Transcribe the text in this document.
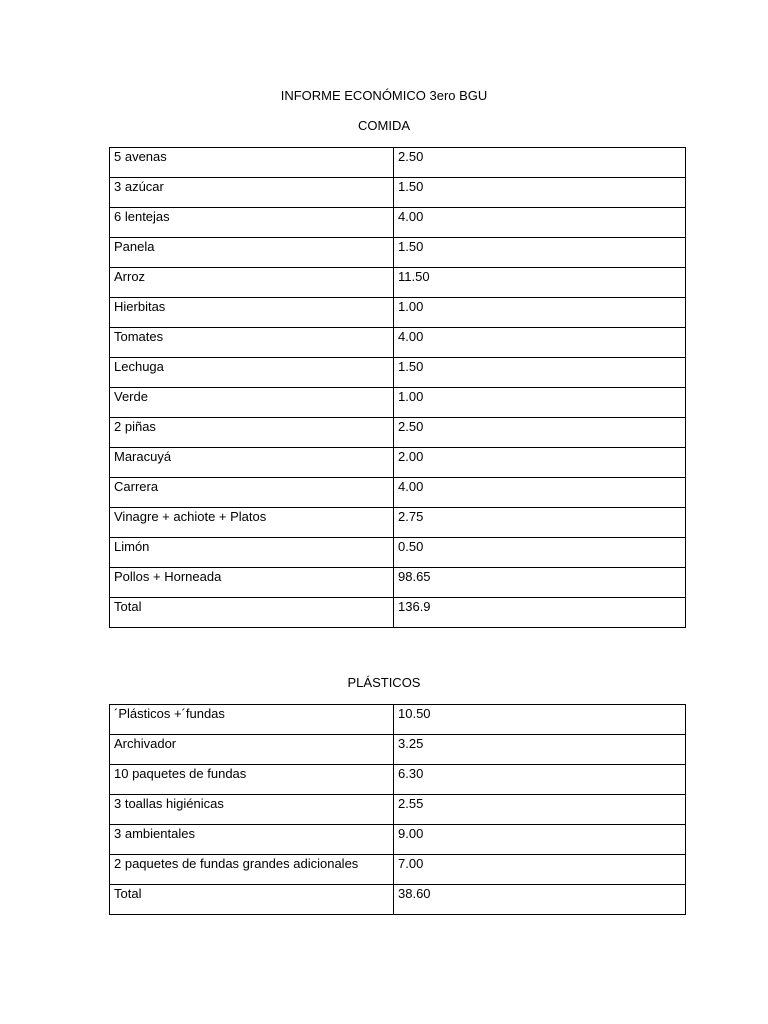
INFORME ECONÓMICO 3ero BGU
COMIDA
5 avenas	2.50
3 azúcar	1.50
6 lentejas	4.00
Panela	1.50
Arroz	11.50
Hierbitas	1.00
Tomates	4.00
Lechuga	1.50
Verde	1.00
2 piñas	2.50
Maracuyá	2.00
Carrera	4.00
Vinagre + achiote + Platos	2.75
Limón	0.50
Pollos + Horneada	98.65
Total	136.9
PLÁSTICOS
´Plásticos +´fundas	10.50
Archivador	3.25
10 paquetes de fundas	6.30
3 toallas higiénicas	2.55
3 ambientales	9.00
2 paquetes de fundas grandes adicionales	7.00
Total	38.60
